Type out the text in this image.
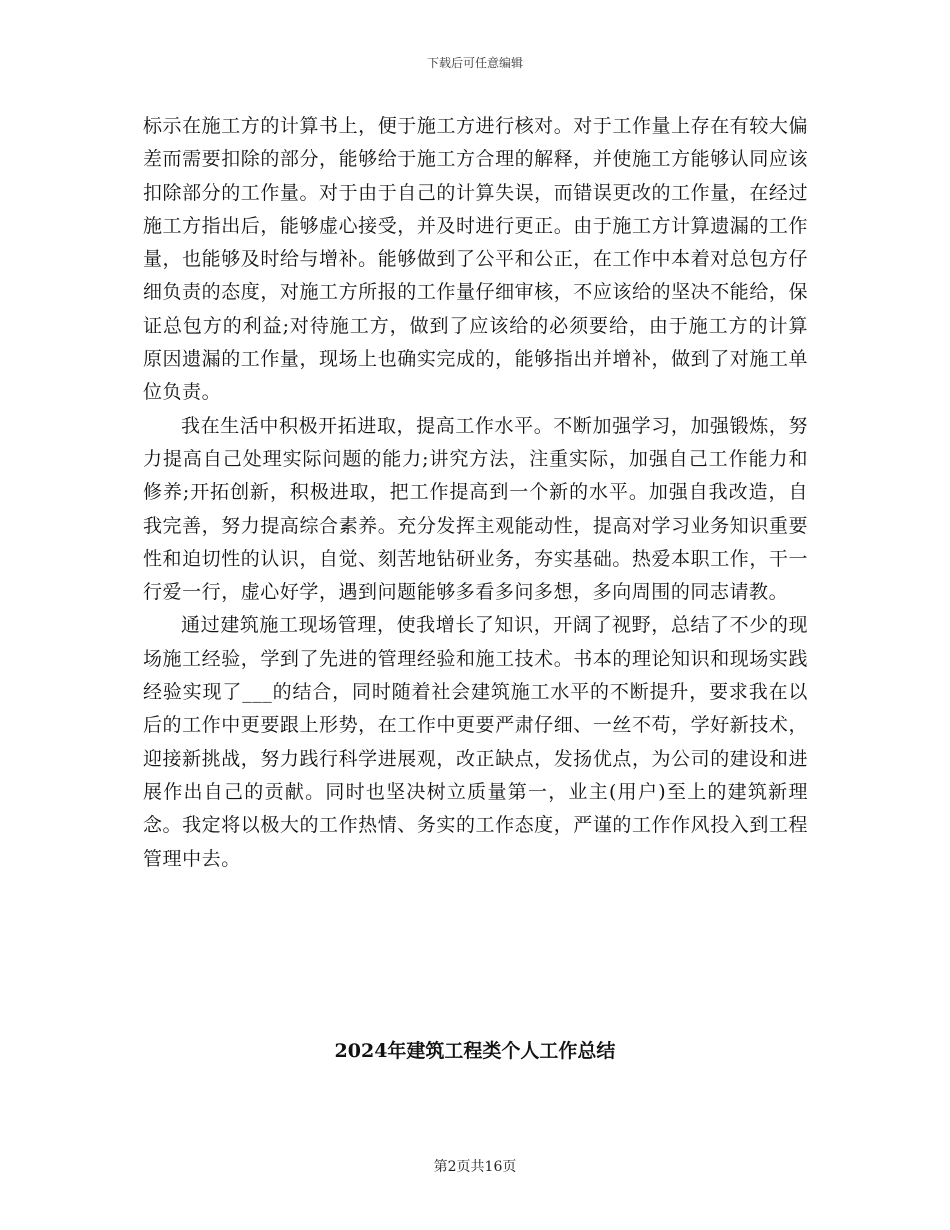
下载后可任意编辑

标示在施工方的计算书上，便于施工方进行核对。对于工作量上存在有较大偏差而需要扣除的部分，能够给于施工方合理的解释，并使施工方能够认同应该扣除部分的工作量。对于由于自己的计算失误，而错误更改的工作量，在经过施工方指出后，能够虚心接受，并及时进行更正。由于施工方计算遗漏的工作量，也能够及时给与增补。能够做到了公平和公正，在工作中本着对总包方仔细负责的态度，对施工方所报的工作量仔细审核，不应该给的坚决不能给，保证总包方的利益;对待施工方，做到了应该给的必须要给，由于施工方的计算原因遗漏的工作量，现场上也确实完成的，能够指出并增补，做到了对施工单位负责。

我在生活中积极开拓进取，提高工作水平。不断加强学习，加强锻炼，努力提高自己处理实际问题的能力;讲究方法，注重实际，加强自己工作能力和修养;开拓创新，积极进取，把工作提高到一个新的水平。加强自我改造，自我完善，努力提高综合素养。充分发挥主观能动性，提高对学习业务知识重要性和迫切性的认识，自觉、刻苦地钻研业务，夯实基础。热爱本职工作，干一行爱一行，虚心好学，遇到问题能够多看多问多想，多向周围的同志请教。

通过建筑施工现场管理，使我增长了知识，开阔了视野，总结了不少的现场施工经验，学到了先进的管理经验和施工技术。书本的理论知识和现场实践经验实现了___的结合，同时随着社会建筑施工水平的不断提升，要求我在以后的工作中更要跟上形势，在工作中更要严肃仔细、一丝不苟，学好新技术，迎接新挑战，努力践行科学进展观，改正缺点，发扬优点，为公司的建设和进展作出自己的贡献。同时也坚决树立质量第一，业主(用户)至上的建筑新理念。我定将以极大的工作热情、务实的工作态度，严谨的工作作风投入到工程管理中去。

2024年建筑工程类个人工作总结
第2页共16页
